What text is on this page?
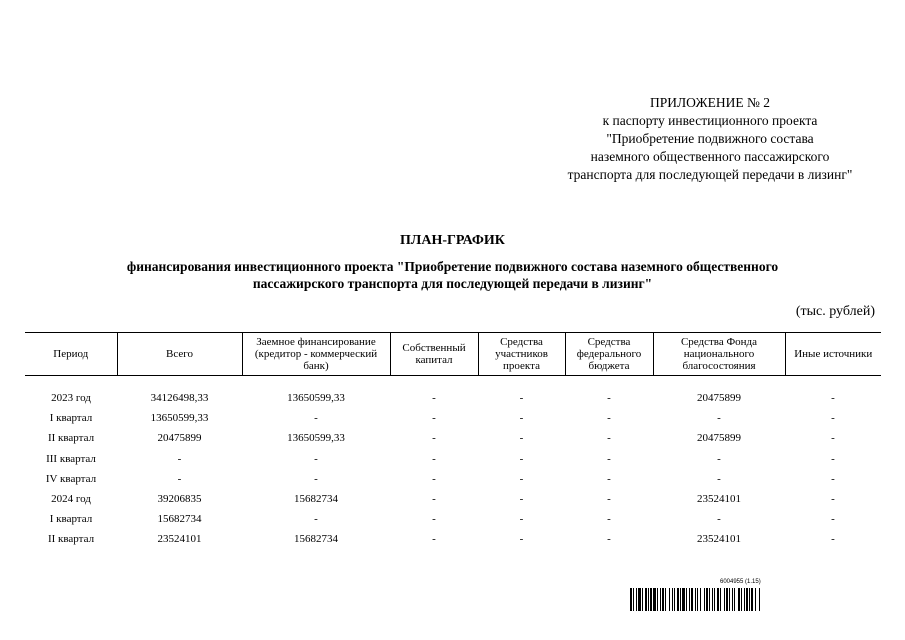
ПРИЛОЖЕНИЕ № 2
к паспорту инвестиционного проекта
"Приобретение подвижного состава
наземного общественного пассажирского
транспорта для последующей передачи в лизинг"
ПЛАН-ГРАФИК
финансирования инвестиционного проекта "Приобретение подвижного состава наземного общественного
пассажирского транспорта для последующей передачи в лизинг"
(тыс. рублей)
Период	Всего	Заемное финансирование (кредитор - коммерческий банк)	Собственный капитал	Средства участников проекта	Средства федерального бюджета	Средства Фонда национального благосостояния	Иные источники

2023 год	34126498,33	13650599,33	-	-	-	20475899	-
I квартал	13650599,33	-	-	-	-	-	-
II квартал	20475899	13650599,33	-	-	-	20475899	-
III квартал	-	-	-	-	-	-	-
IV квартал	-	-	-	-	-	-	-
2024 год	39206835	15682734	-	-	-	23524101	-
I квартал	15682734	-	-	-	-	-	-
II квартал	23524101	15682734	-	-	-	23524101	-
6004955 (1.15)
